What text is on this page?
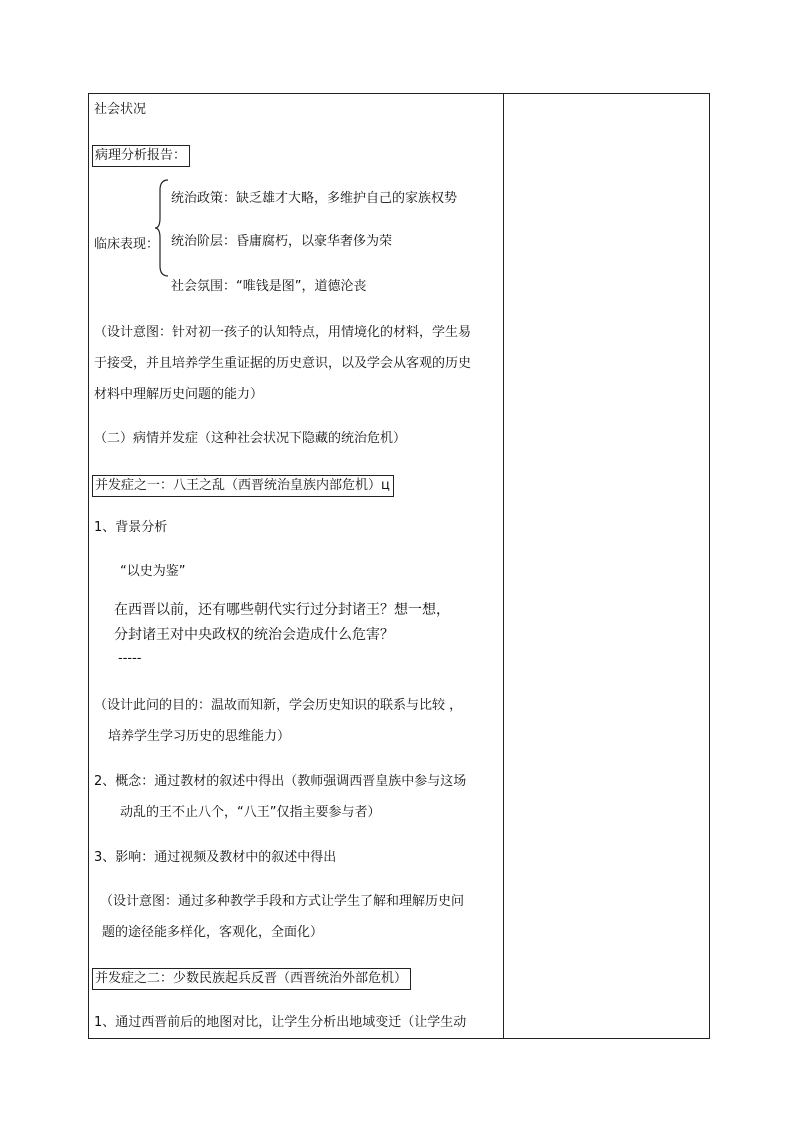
社会状况
病理分析报告：
临床表现：
统治政策：缺乏雄才大略，多维护自己的家族权势
统治阶层：昏庸腐朽，以豪华奢侈为荣
社会氛围：“唯钱是图”，道德沦丧
（设计意图：针对初一孩子的认知特点，用情境化的材料，学生易
于接受，并且培养学生重证据的历史意识，以及学会从客观的历史
材料中理解历史问题的能力）
（二）病情并发症（这种社会状况下隐藏的统治危机）
并发症之一：八王之乱（西晋统治皇族内部危机）ц
1、背景分析
“以史为鉴”
在西晋以前，还有哪些朝代实行过分封诸王？想一想，
分封诸王对中央政权的统治会造成什么危害？
-----
（设计此问的目的：温故而知新，学会历史知识的联系与比较 ，
培养学生学习历史的思维能力）
2、概念：通过教材的叙述中得出（教师强调西晋皇族中参与这场
动乱的王不止八个，“八王”仅指主要参与者）
3、影响：通过视频及教材中的叙述中得出
（设计意图：通过多种教学手段和方式让学生了解和理解历史问
题的途径能多样化，客观化，全面化）
并发症之二：少数民族起兵反晋（西晋统治外部危机）
1、通过西晋前后的地图对比，让学生分析出地域变迁（让学生动
